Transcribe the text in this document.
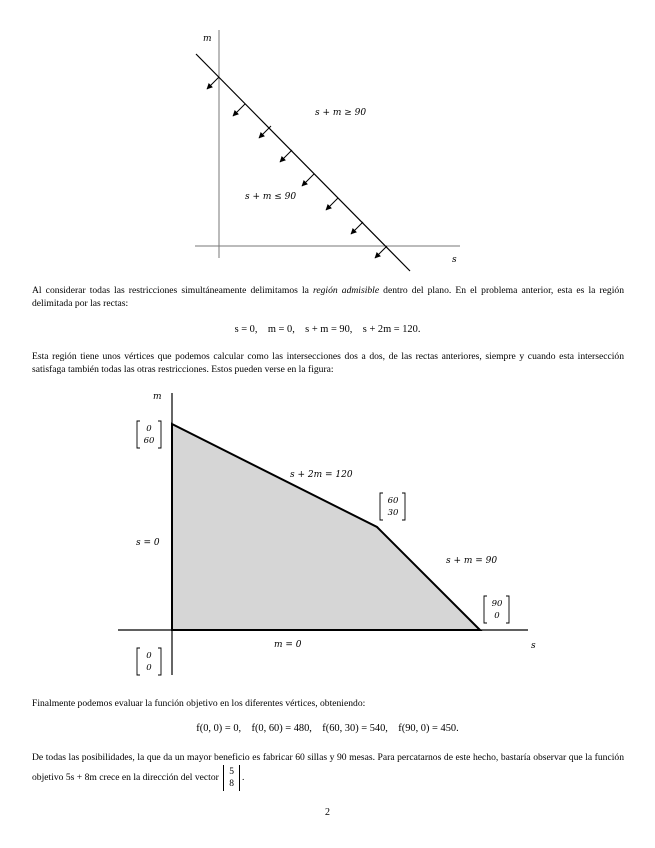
m
s
s + m ≥ 90
s + m ≤ 90
Al considerar todas las restricciones simultáneamente delimitamos la región admisible dentro del plano. En el problema anterior, esta es la región delimitada por las rectas:
s = 0,    m = 0,    s + m = 90,    s + 2m = 120.
Esta región tiene unos vértices que podemos calcular como las intersecciones dos a dos, de las rectas anteriores, siempre y cuando esta intersección satisfaga también todas las otras restricciones. Estos pueden verse en la figura:
m
s
s + 2m = 120
s + m = 90
s = 0
m = 0
0
60
60
30
90
0
0
0
Finalmente podemos evaluar la función objetivo en los diferentes vértices, obteniendo:
f(0, 0) = 0,    f(0, 60) = 480,    f(60, 30) = 540,    f(90, 0) = 450.
De todas las posibilidades, la que da un mayor beneficio es fabricar 60 sillas y 90 mesas. Para percatarnos de este hecho, bastaría observar que la función objetivo 5s + 8m crece en la dirección del vector
5
8
.
2
